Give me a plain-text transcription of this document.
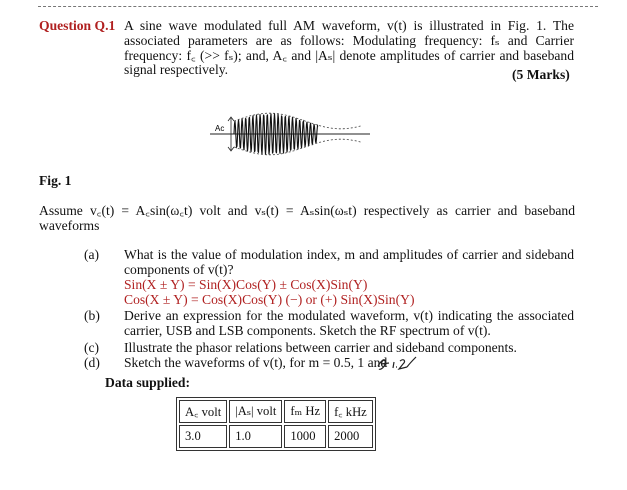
Question Q.1 A sine wave modulated full AM waveform, v(t) is illustrated in Fig. 1. The
associated parameters are as follows: Modulating frequency: fₛ and Carrier
frequency: f꜀ (>> fₛ); and, A꜀ and |Aₛ| denote amplitudes of carrier and baseband
signal respectively.	(5 Marks)
Ac
Fig. 1
Assume v꜀(t) = A꜀sin(ω꜀t) volt and vₛ(t) = Aₛsin(ωₛt) respectively as carrier and baseband
waveforms
(a) What is the value of modulation index, m and amplitudes of carrier and sideband
components of v(t)?
Sin(X ± Y) = Sin(X)Cos(Y) ± Cos(X)Sin(Y)
Cos(X ± Y) = Cos(X)Cos(Y) (−) or (+) Sin(X)Sin(Y)
(b) Derive an expression for the modulated waveform, v(t) indicating the associated
carrier, USB and LSB components. Sketch the RF spectrum of v(t).
(c) Illustrate the phasor relations between carrier and sideband components.
(d) Sketch the waveforms of v(t), for m = 0.5, 1 and
Data supplied:
A꜀ volt	|Aₛ| volt	fₘ Hz	f꜀ kHz
3.0	1.0	1000	2000
